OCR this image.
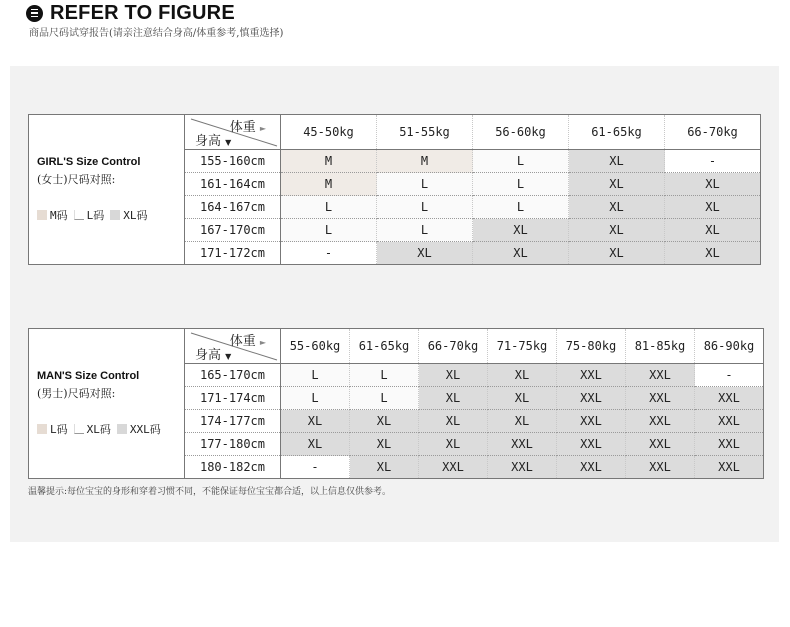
REFER TO FIGURE
商品尺码试穿报告(请亲注意结合身高/体重参考,慎重选择)
GIRL'S Size Control
(女士)尺码对照:
M码 L码 XL码
体重 ►
身高 ▼	45-50kg	51-55kg	56-60kg	61-65kg	66-70kg
155-160cm	M	M	L	XL	-
161-164cm	M	L	L	XL	XL
164-167cm	L	L	L	XL	XL
167-170cm	L	L	XL	XL	XL
171-172cm	-	XL	XL	XL	XL
MAN'S Size Control
(男士)尺码对照:
L码 XL码 XXL码
体重 ►
身高 ▼	55-60kg	61-65kg	66-70kg	71-75kg	75-80kg	81-85kg	86-90kg
165-170cm	L	L	XL	XL	XXL	XXL	-
171-174cm	L	L	XL	XL	XXL	XXL	XXL
174-177cm	XL	XL	XL	XL	XXL	XXL	XXL
177-180cm	XL	XL	XL	XXL	XXL	XXL	XXL
180-182cm	-	XL	XXL	XXL	XXL	XXL	XXL
温馨提示:每位宝宝的身形和穿着习惯不同，不能保证每位宝宝都合适，以上信息仅供参考。
